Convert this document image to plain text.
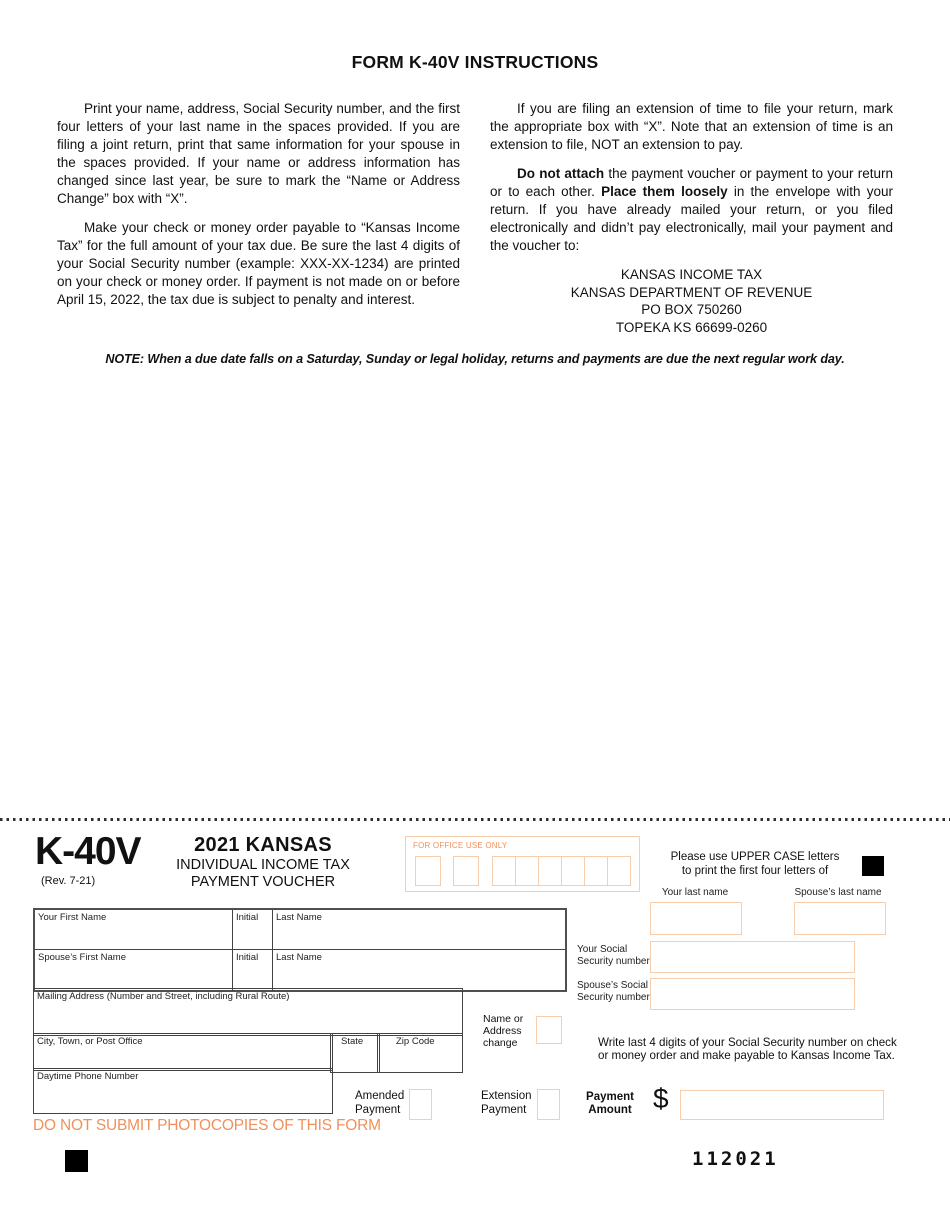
FORM K-40V INSTRUCTIONS

Print your name, address, Social Security number, and the first four letters of your last name in the spaces provided. If you are filing a joint return, print that same information for your spouse in the spaces provided. If your name or address information has changed since last year, be sure to mark the “Name or Address Change” box with “X”.

Make your check or money order payable to “Kansas Income Tax” for the full amount of your tax due. Be sure the last 4 digits of your Social Security number (example: XXX-XX-1234) are printed on your check or money order. If payment is not made on or before April 15, 2022, the tax due is subject to penalty and interest.

If you are filing an extension of time to file your return, mark the appropriate box with “X”. Note that an extension of time is an extension to file, NOT an extension to pay.

Do not attach the payment voucher or payment to your return or to each other. Place them loosely in the envelope with your return. If you have already mailed your return, or you filed electronically and didn’t pay electronically, mail your payment and the voucher to:

KANSAS INCOME TAX
KANSAS DEPARTMENT OF REVENUE
PO BOX 750260
TOPEKA KS 66699-0260
NOTE: When a due date falls on a Saturday, Sunday or legal holiday, returns and payments are due the next regular work day.
K-40V
(Rev. 7-21)
2021 KANSAS
INDIVIDUAL INCOME TAX
PAYMENT VOUCHER
FOR OFFICE USE ONLY
Please use UPPER CASE letters
to print the first four letters of
Your last name	Spouse’s last name
Your Social
Security number
Spouse’s Social
Security number
Your First Name	Initial Last Name
Spouse’s First Name	Initial Last Name
Mailing Address (Number and Street, including Rural Route)
City, Town, or Post Office	State	Zip Code
Daytime Phone Number
Name or
Address
change	Write last 4 digits of your Social Security number on check
or money order and make payable to Kansas Income Tax.
Amended
Payment
Extension
Payment
Payment
Amount $
DO NOT SUBMIT PHOTOCOPIES OF THIS FORM
112021
